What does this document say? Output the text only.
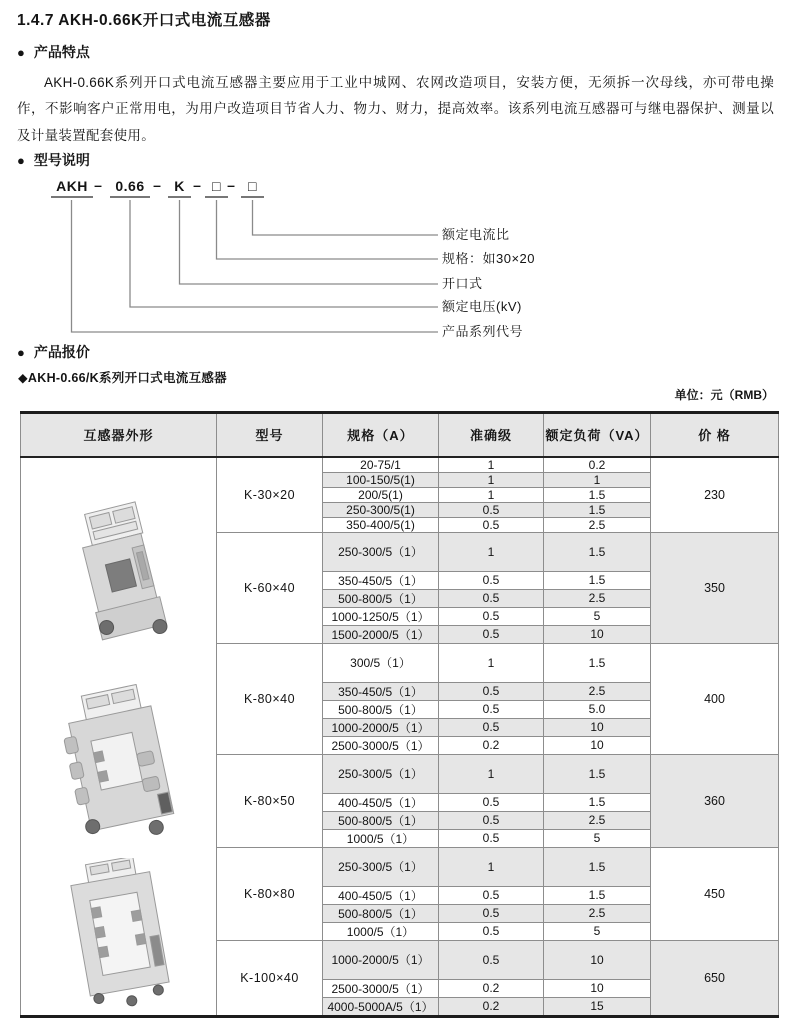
1.4.7 AKH-0.66K开口式电流互感器
● 产品特点

AKH-0.66K系列开口式电流互感器主要应用于工业中城网、农网改造项目，安装方便，无须拆一次母线，亦可带电操作，不影响客户正常用电，为用户改造项目节省人力、物力、财力，提高效率。该系列电流互感器可与继电器保护、测量以及计量装置配套使用。

● 型号说明
AKH – 0.66 – K – □ – □
额定电流比
规格：如30×20
开口式
额定电压(kV)
产品系列代号
● 产品报价
◆AKH-0.66/K系列开口式电流互感器
单位：元（RMB）
互感器外形	型号	规格（A）	准确级	额定负荷（VA）	价 格

	K-30×20	20-75/1	1	0.2	230
		100-150/5(1)	1	1	
		200/5(1)	1	1.5	
		250-300/5(1)	0.5	1.5	
		350-400/5(1)	0.5	2.5	
	K-60×40	250-300/5（1）	1	1.5	350
		350-450/5（1）	0.5	1.5	
		500-800/5（1）	0.5	2.5	
		1000-1250/5（1）	0.5	5	
		1500-2000/5（1）	0.5	10	
	K-80×40	300/5（1）	1	1.5	400
		350-450/5（1）	0.5	2.5	
		500-800/5（1）	0.5	5.0	
		1000-2000/5（1）	0.5	10	
		2500-3000/5（1）	0.2	10	
	K-80×50	250-300/5（1）	1	1.5	360
		400-450/5（1）	0.5	1.5	
		500-800/5（1）	0.5	2.5	
		1000/5（1）	0.5	5	
	K-80×80	250-300/5（1）	1	1.5	450
		400-450/5（1）	0.5	1.5	
		500-800/5（1）	0.5	2.5	
		1000/5（1）	0.5	5	
	K-100×40	1000-2000/5（1）	0.5	10	650
		2500-3000/5（1）	0.2	10	
		4000-5000A/5（1）	0.2	15	
